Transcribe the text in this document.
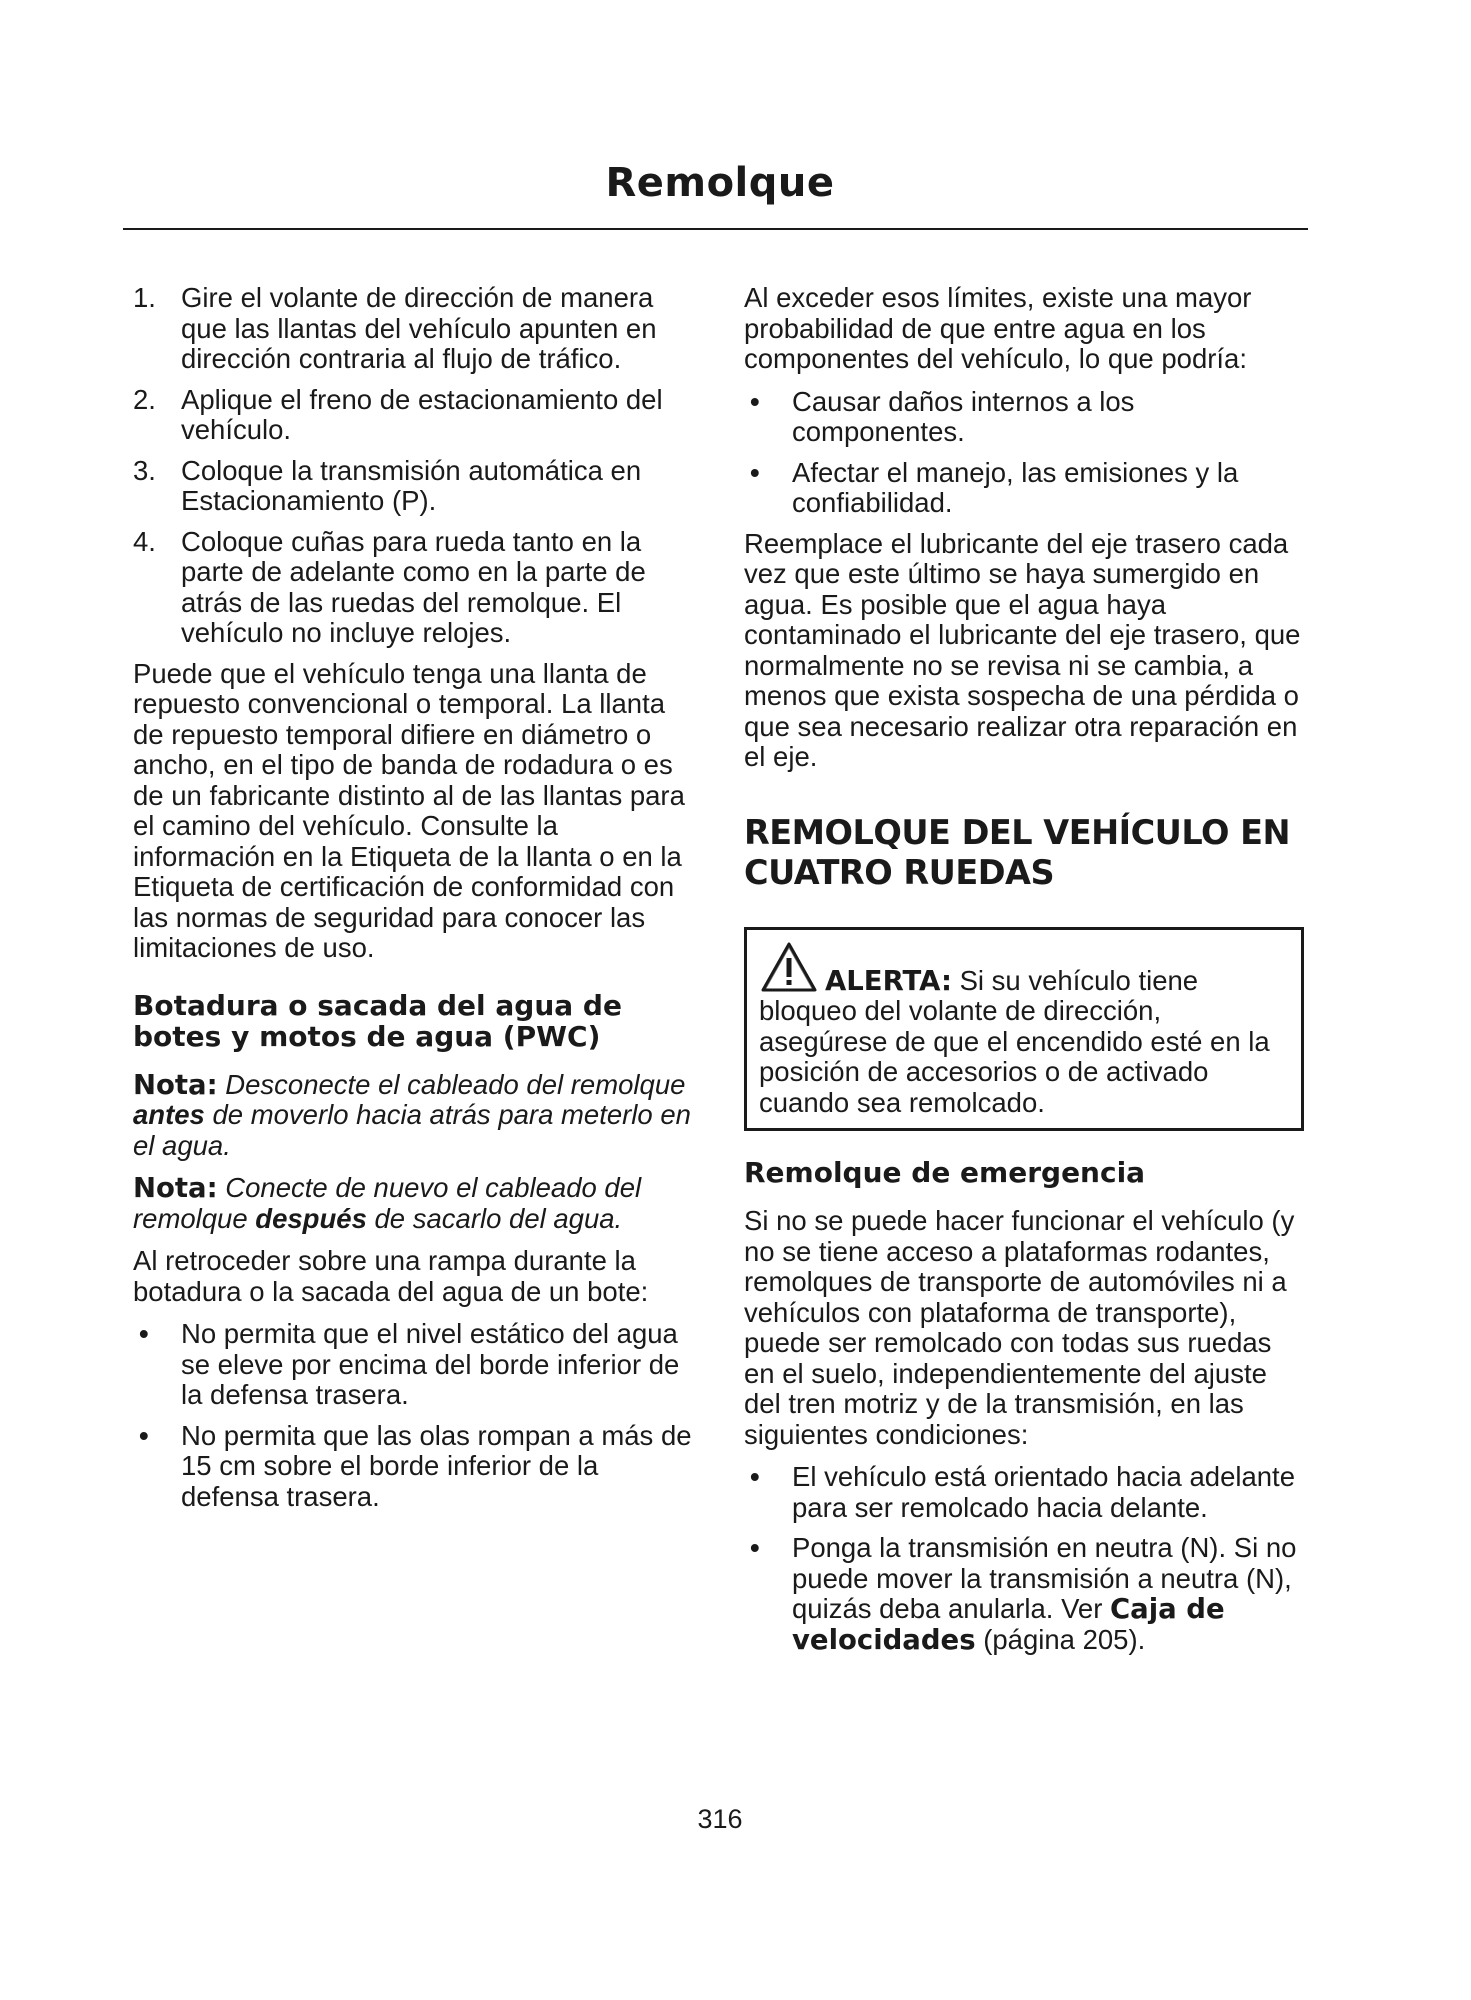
Remolque
1. Gire el volante de dirección de manera que las llantas del vehículo apunten en dirección contraria al flujo de tráfico.
2. Aplique el freno de estacionamiento del vehículo.
3. Coloque la transmisión automática en Estacionamiento (P).
4. Coloque cuñas para rueda tanto en la parte de adelante como en la parte de atrás de las ruedas del remolque. El vehículo no incluye relojes.

Puede que el vehículo tenga una llanta de repuesto convencional o temporal. La llanta de repuesto temporal difiere en diámetro o ancho, en el tipo de banda de rodadura o es de un fabricante distinto al de las llantas para el camino del vehículo. Consulte la información en la Etiqueta de la llanta o en la Etiqueta de certificación de conformidad con las normas de seguridad para conocer las limitaciones de uso.

Botadura o sacada del agua de botes y motos de agua (PWC)

Nota: Desconecte el cableado del remolque antes de moverlo hacia atrás para meterlo en el agua.

Nota: Conecte de nuevo el cableado del remolque después de sacarlo del agua.

Al retroceder sobre una rampa durante la botadura o la sacada del agua de un bote:

• No permita que el nivel estático del agua se eleve por encima del borde inferior de la defensa trasera.
• No permita que las olas rompan a más de 15 cm sobre el borde inferior de la defensa trasera.

Al exceder esos límites, existe una mayor probabilidad de que entre agua en los componentes del vehículo, lo que podría:

• Causar daños internos a los componentes.
• Afectar el manejo, las emisiones y la confiabilidad.

Reemplace el lubricante del eje trasero cada vez que este último se haya sumergido en agua. Es posible que el agua haya contaminado el lubricante del eje trasero, que normalmente no se revisa ni se cambia, a menos que exista sospecha de una pérdida o que sea necesario realizar otra reparación en el eje.

REMOLQUE DEL VEHÍCULO EN CUATRO RUEDAS
ALERTA: Si su vehículo tiene bloqueo del volante de dirección, asegúrese de que el encendido esté en la posición de accesorios o de activado cuando sea remolcado.
Remolque de emergencia

Si no se puede hacer funcionar el vehículo (y no se tiene acceso a plataformas rodantes, remolques de transporte de automóviles ni a vehículos con plataforma de transporte), puede ser remolcado con todas sus ruedas en el suelo, independientemente del ajuste del tren motriz y de la transmisión, en las siguientes condiciones:

• El vehículo está orientado hacia adelante para ser remolcado hacia delante.
• Ponga la transmisión en neutra (N). Si no puede mover la transmisión a neutra (N), quizás deba anularla. Ver Caja de velocidades (página 205).
316
